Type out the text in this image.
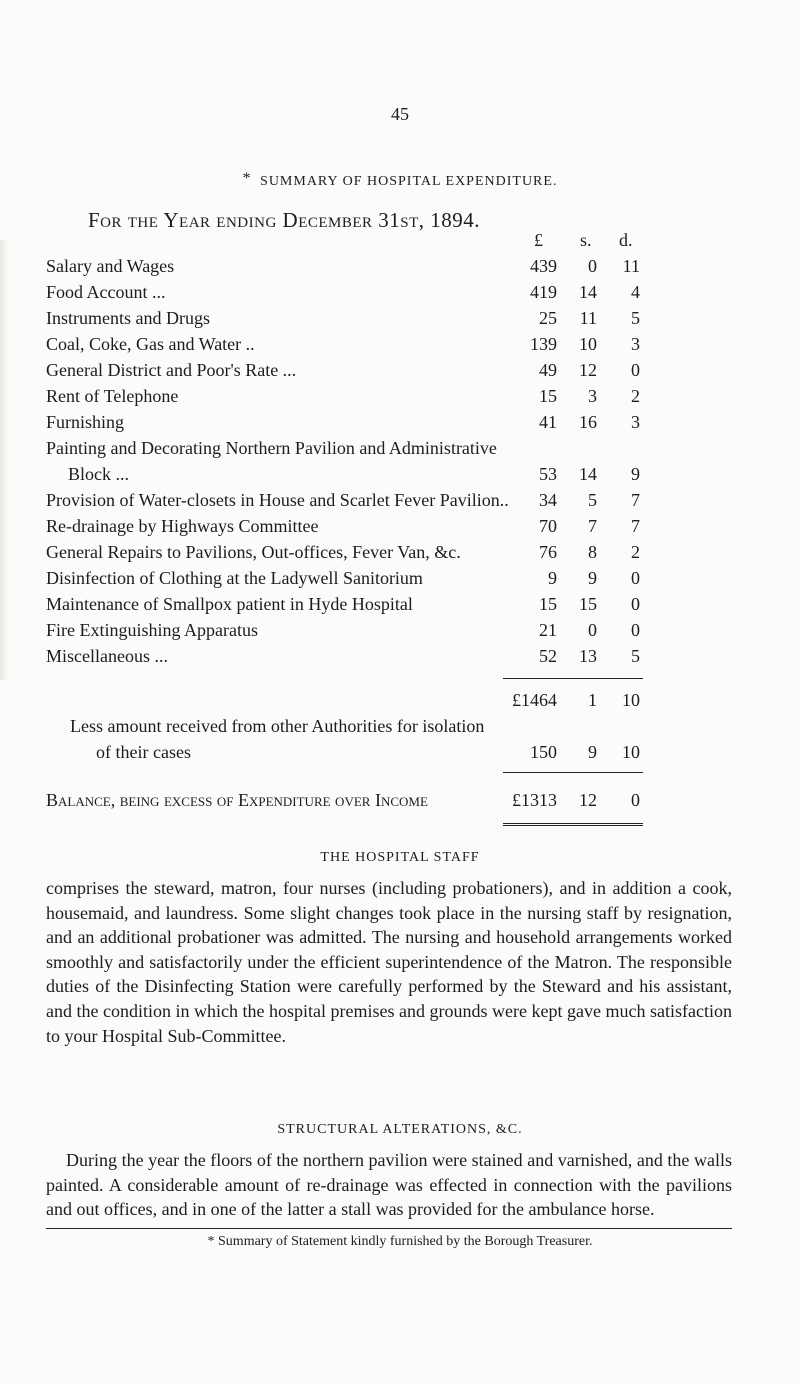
45
* SUMMARY OF HOSPITAL EXPENDITURE.
For the Year ending December 31st, 1894.
£ s. d.
Salary and Wages	439	0	11
Food Account ...	419	14	4
Instruments and Drugs	25	11	5
Coal, Coke, Gas and Water ..	139	10	3
General District and Poor's Rate ...	49	12	0
Rent of Telephone	15	3	2
Furnishing	41	16	3
Painting and Decorating Northern Pavilion and Administrative
Block ...	53	14	9
Provision of Water-closets in House and Scarlet Fever Pavilion..	34	5	7
Re-drainage by Highways Committee	70	7	7
General Repairs to Pavilions, Out-offices, Fever Van, &c.	76	8	2
Disinfection of Clothing at the Ladywell Sanitorium	9	9	0
Maintenance of Smallpox patient in Hyde Hospital	15	15	0
Fire Extinguishing Apparatus	21	0	0
Miscellaneous ...	52	13	5
£1464	1	10
Less amount received from other Authorities for isolation
of their cases	150	9	10
Balance, being excess of Expenditure over Income	£1313	12	0
THE HOSPITAL STAFF

comprises the steward, matron, four nurses (including probationers), and in addition a cook, housemaid, and laundress. Some slight changes took place in the nursing staff by resignation, and an additional probationer was admitted. The nursing and household arrangements worked smoothly and satisfactorily under the efficient superintendence of the Matron. The responsible duties of the Disinfecting Station were carefully performed by the Steward and his assistant, and the condition in which the hospital premises and grounds were kept gave much satisfaction to your Hospital Sub-Committee.

STRUCTURAL ALTERATIONS, &C.

During the year the floors of the northern pavilion were stained and varnished, and the walls painted. A considerable amount of re-drainage was effected in connection with the pavilions and out offices, and in one of the latter a stall was provided for the ambulance horse.

* Summary of Statement kindly furnished by the Borough Treasurer.
